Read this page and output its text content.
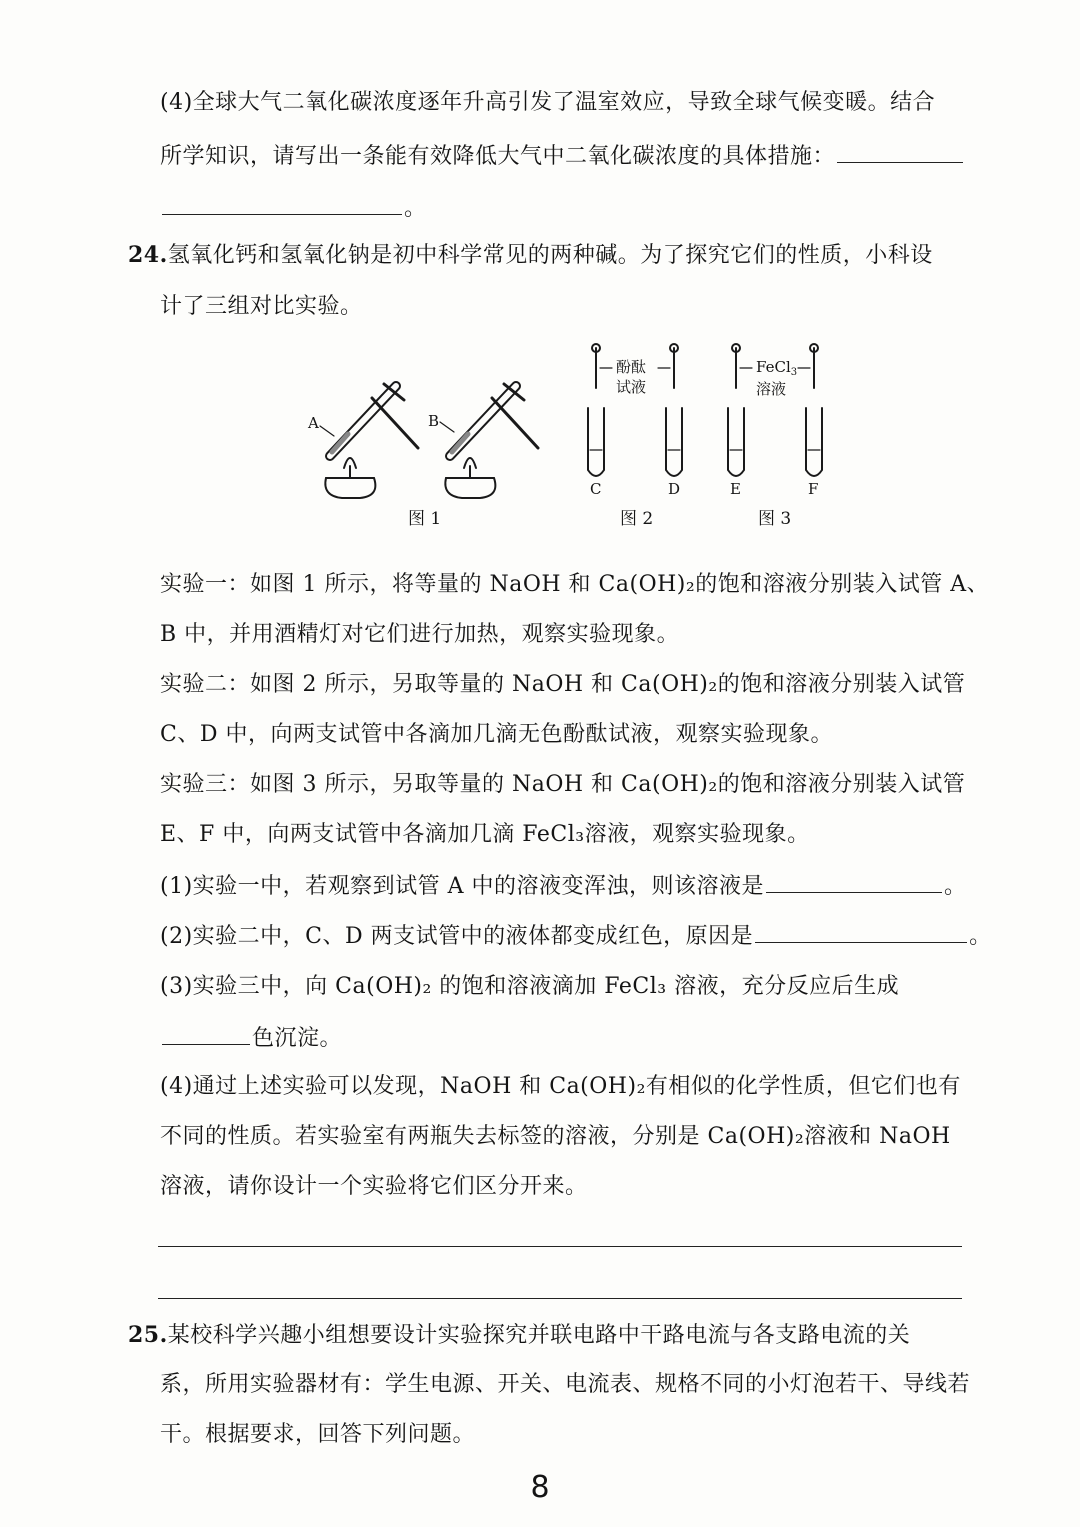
(4)全球大气二氧化碳浓度逐年升高引发了温室效应，导致全球气候变暖。结合
所学知识，请写出一条能有效降低大气中二氧化碳浓度的具体措施：
。
24.氢氧化钙和氢氧化钠是初中科学常见的两种碱。为了探究它们的性质，小科设
计了三组对比实验。
A	B
C	D	E	F
酚酞
试液
FeCl$_3$
溶液
图 1	图 2	图 3
实验一：如图 1 所示，将等量的 NaOH 和 Ca(OH)₂的饱和溶液分别装入试管 A、
B 中，并用酒精灯对它们进行加热，观察实验现象。
实验二：如图 2 所示，另取等量的 NaOH 和 Ca(OH)₂的饱和溶液分别装入试管
C、D 中，向两支试管中各滴加几滴无色酚酞试液，观察实验现象。
实验三：如图 3 所示，另取等量的 NaOH 和 Ca(OH)₂的饱和溶液分别装入试管
E、F 中，向两支试管中各滴加几滴 FeCl₃溶液，观察实验现象。
(1)实验一中，若观察到试管 A 中的溶液变浑浊，则该溶液是	。
(2)实验二中，C、D 两支试管中的液体都变成红色，原因是	。
(3)实验三中，向 Ca(OH)₂ 的饱和溶液滴加 FeCl₃ 溶液，充分反应后生成
色沉淀。
(4)通过上述实验可以发现，NaOH 和 Ca(OH)₂有相似的化学性质，但它们也有
不同的性质。若实验室有两瓶失去标签的溶液，分别是 Ca(OH)₂溶液和 NaOH
溶液，请你设计一个实验将它们区分开来。
25.某校科学兴趣小组想要设计实验探究并联电路中干路电流与各支路电流的关
系，所用实验器材有：学生电源、开关、电流表、规格不同的小灯泡若干、导线若
干。根据要求，回答下列问题。
8
